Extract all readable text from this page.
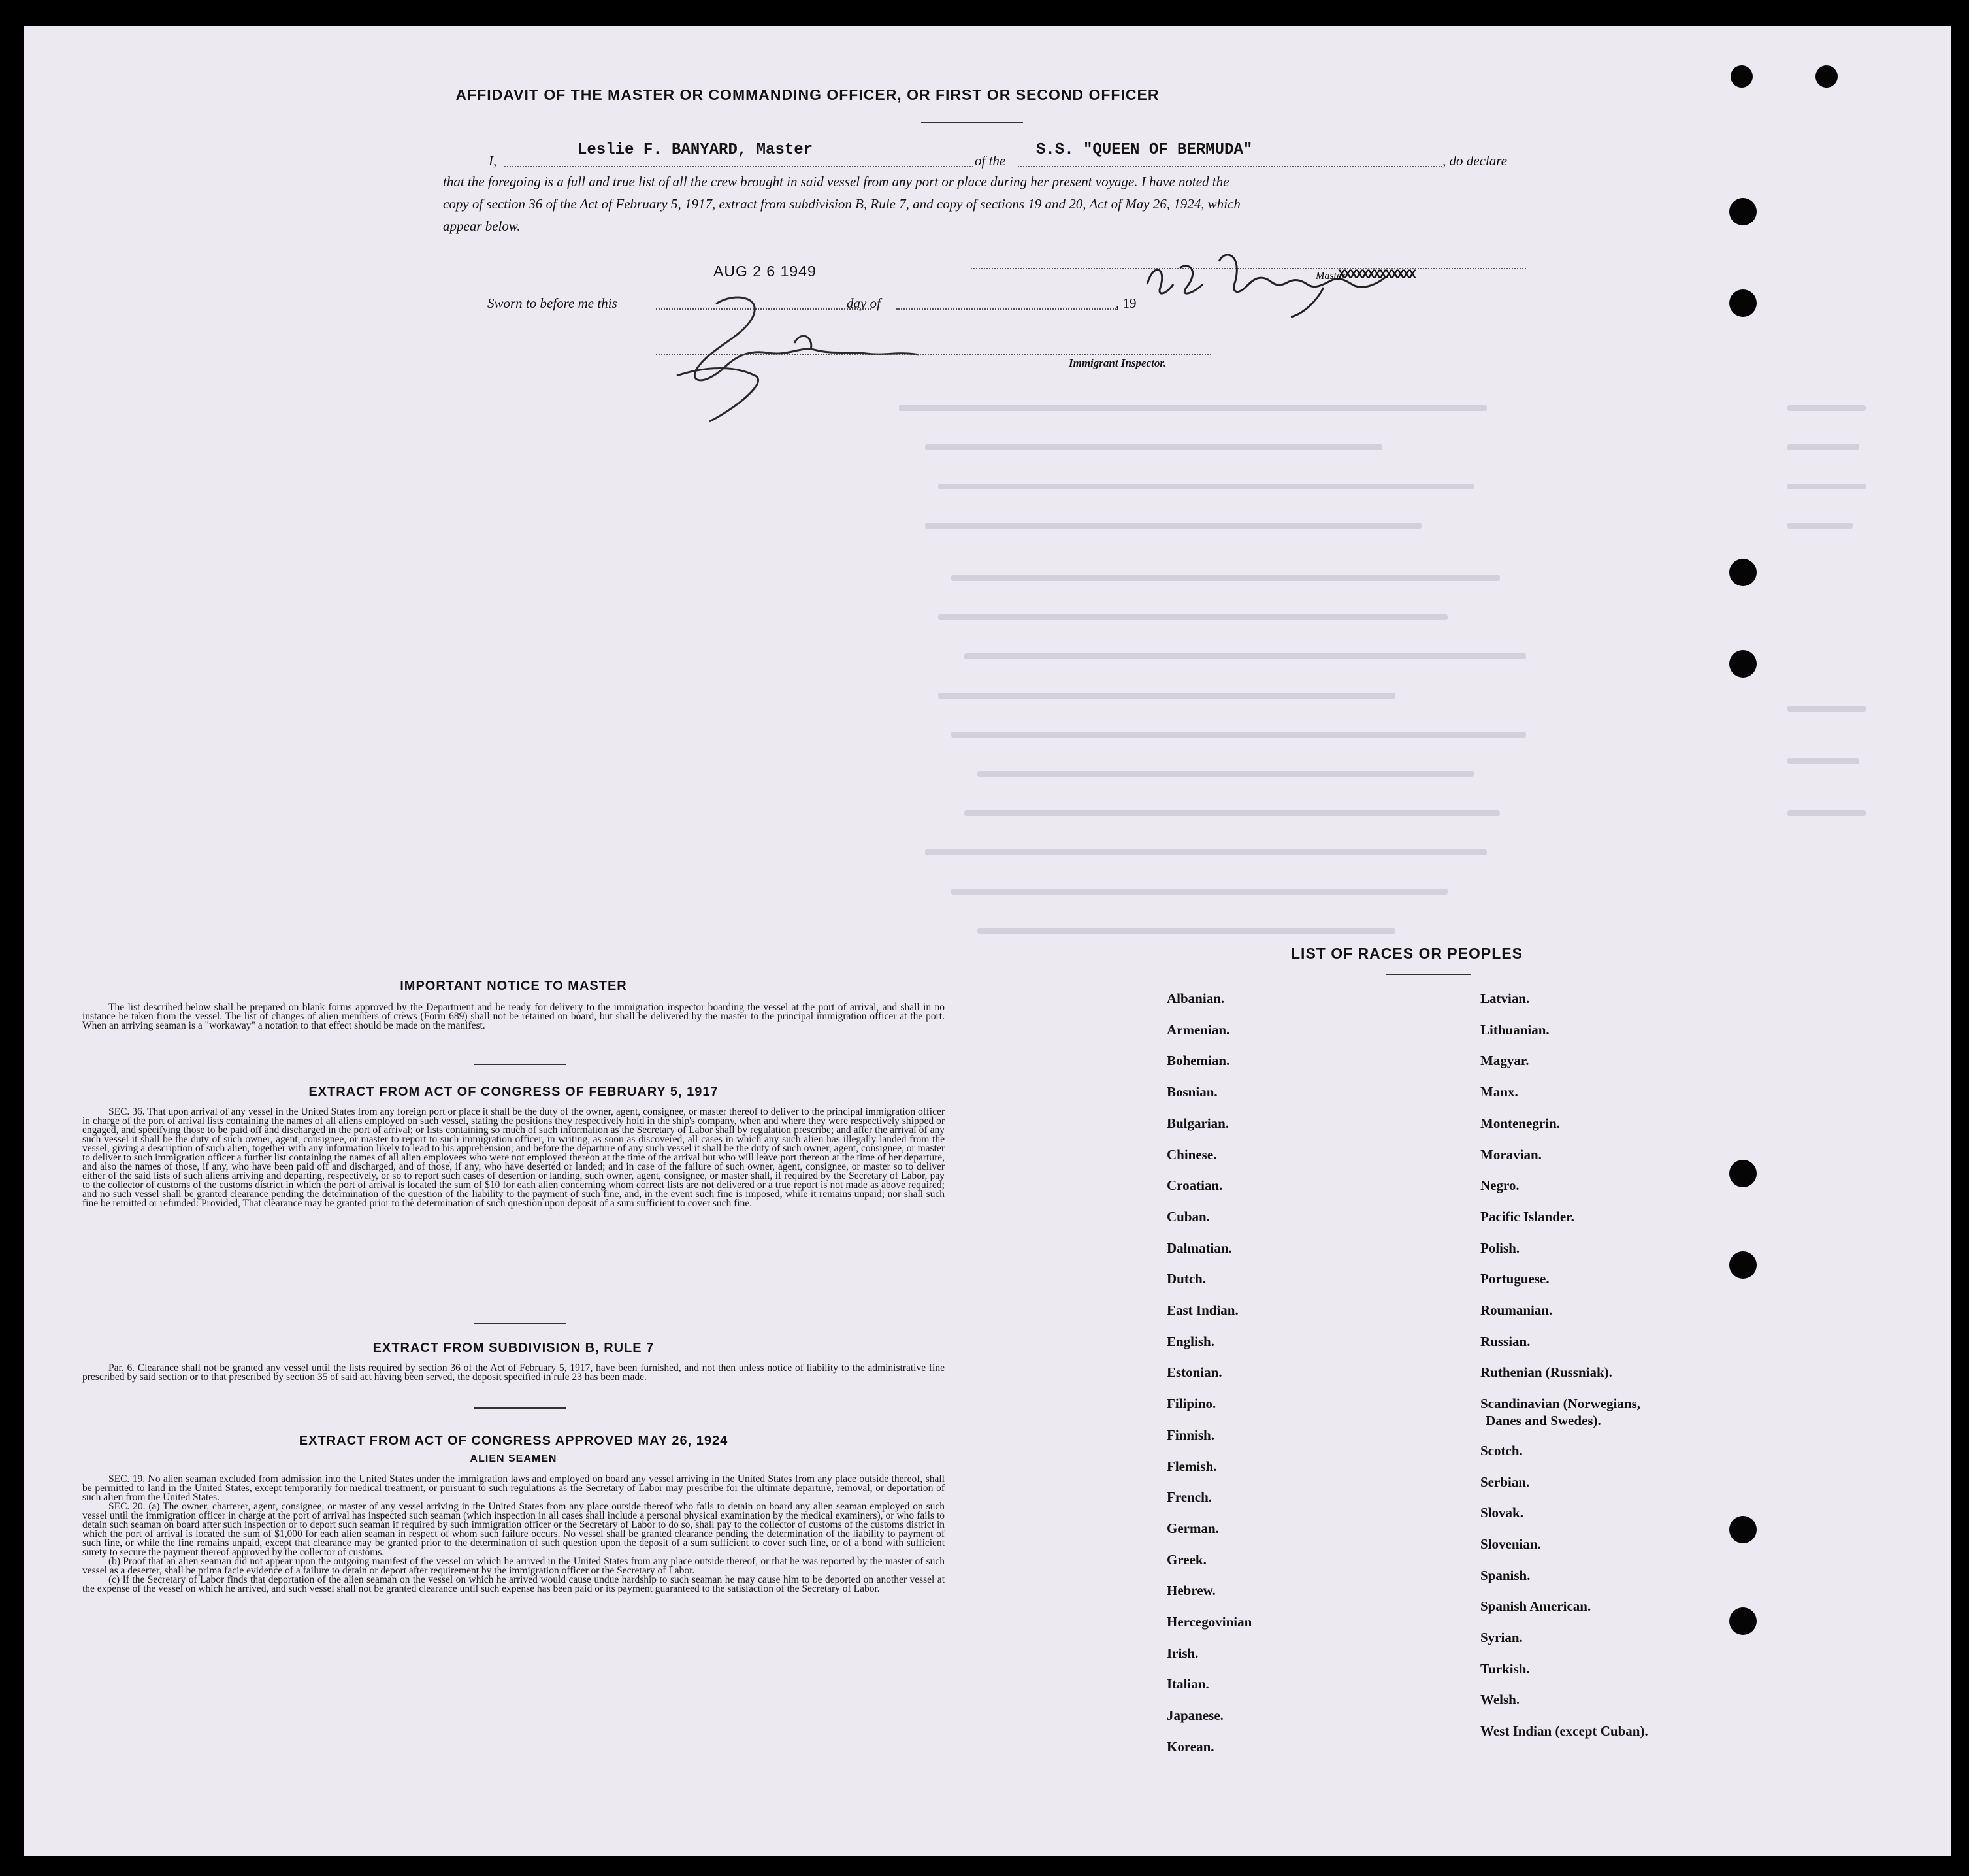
AFFIDAVIT OF THE MASTER OR COMMANDING OFFICER, OR FIRST OR SECOND OFFICER
I,
Leslie F. BANYARD, Master
of the
S.S. "QUEEN OF BERMUDA"
, do declare
that the foregoing is a full and true list of all the crew brought in said vessel from any port or place during her present voyage. I have noted the
copy of section 36 of the Act of February 5, 1917, extract from subdivision B, Rule 7, and copy of sections 19 and 20, Act of May 26, 1924, which
appear below.
AUG 2 6 1949	Master
XXXXXXXXXXXXX
Sworn to before me this	day of	, 19
Immigrant Inspector.
IMPORTANT NOTICE TO MASTER

The list described below shall be prepared on blank forms approved by the Department and be ready for delivery to the immigration inspector boarding the vessel at the port of arrival, and shall in no instance be taken from the vessel. The list of changes of alien members of crews (Form 689) shall not be retained on board, but shall be delivered by the master to the principal immigration officer at the port. When an arriving seaman is a "workaway" a notation to that effect should be made on the manifest.

EXTRACT FROM ACT OF CONGRESS OF FEBRUARY 5, 1917

SEC. 36. That upon arrival of any vessel in the United States from any foreign port or place it shall be the duty of the owner, agent, consignee, or master thereof to deliver to the principal immigration officer in charge of the port of arrival lists containing the names of all aliens employed on such vessel, stating the positions they respectively hold in the ship's company, when and where they were respectively shipped or engaged, and specifying those to be paid off and discharged in the port of arrival; or lists containing so much of such information as the Secretary of Labor shall by regulation prescribe; and after the arrival of any such vessel it shall be the duty of such owner, agent, consignee, or master to report to such immigration officer, in writing, as soon as discovered, all cases in which any such alien has illegally landed from the vessel, giving a description of such alien, together with any information likely to lead to his apprehension; and before the departure of any such vessel it shall be the duty of such owner, agent, consignee, or master to deliver to such immigration officer a further list containing the names of all alien employees who were not employed thereon at the time of the arrival but who will leave port thereon at the time of her departure, and also the names of those, if any, who have been paid off and discharged, and of those, if any, who have deserted or landed; and in case of the failure of such owner, agent, consignee, or master so to deliver either of the said lists of such aliens arriving and departing, respectively, or so to report such cases of desertion or landing, such owner, agent, consignee, or master shall, if required by the Secretary of Labor, pay to the collector of customs of the customs district in which the port of arrival is located the sum of $10 for each alien concerning whom correct lists are not delivered or a true report is not made as above required; and no such vessel shall be granted clearance pending the determination of the question of the liability to the payment of such fine, and, in the event such fine is imposed, while it remains unpaid; nor shall such fine be remitted or refunded: Provided, That clearance may be granted prior to the determination of such question upon deposit of a sum sufficient to cover such fine.

EXTRACT FROM SUBDIVISION B, RULE 7

Par. 6. Clearance shall not be granted any vessel until the lists required by section 36 of the Act of February 5, 1917, have been furnished, and not then unless notice of liability to the administrative fine prescribed by said section or to that prescribed by section 35 of said act having been served, the deposit specified in rule 23 has been made.

EXTRACT FROM ACT OF CONGRESS APPROVED MAY 26, 1924
ALIEN SEAMEN

SEC. 19. No alien seaman excluded from admission into the United States under the immigration laws and employed on board any vessel arriving in the United States from any place outside thereof, shall be permitted to land in the United States, except temporarily for medical treatment, or pursuant to such regulations as the Secretary of Labor may prescribe for the ultimate departure, removal, or deportation of such alien from the United States.

SEC. 20. (a) The owner, charterer, agent, consignee, or master of any vessel arriving in the United States from any place outside thereof who fails to detain on board any alien seaman employed on such vessel until the immigration officer in charge at the port of arrival has inspected such seaman (which inspection in all cases shall include a personal physical examination by the medical examiners), or who fails to detain such seaman on board after such inspection or to deport such seaman if required by such immigration officer or the Secretary of Labor to do so, shall pay to the collector of customs of the customs district in which the port of arrival is located the sum of $1,000 for each alien seaman in respect of whom such failure occurs. No vessel shall be granted clearance pending the determination of the liability to payment of such fine, or while the fine remains unpaid, except that clearance may be granted prior to the determination of such question upon the deposit of a sum sufficient to cover such fine, or of a bond with sufficient surety to secure the payment thereof approved by the collector of customs.

(b) Proof that an alien seaman did not appear upon the outgoing manifest of the vessel on which he arrived in the United States from any place outside thereof, or that he was reported by the master of such vessel as a deserter, shall be prima facie evidence of a failure to detain or deport after requirement by the immigration officer or the Secretary of Labor.

(c) If the Secretary of Labor finds that deportation of the alien seaman on the vessel on which he arrived would cause undue hardship to such seaman he may cause him to be deported on another vessel at the expense of the vessel on which he arrived, and such vessel shall not be granted clearance until such expense has been paid or its payment guaranteed to the satisfaction of the Secretary of Labor.

LIST OF RACES OR PEOPLES
Albanian.
Armenian.
Bohemian.
Bosnian.
Bulgarian.
Chinese.
Croatian.
Cuban.
Dalmatian.
Dutch.
East Indian.
English.
Estonian.
Filipino.
Finnish.
Flemish.
French.
German.
Greek.
Hebrew.
Hercegovinian
Irish.
Italian.
Japanese.
Korean.
Latvian.
Lithuanian.
Magyar.
Manx.
Montenegrin.
Moravian.
Negro.
Pacific Islander.
Polish.
Portuguese.
Roumanian.
Russian.
Ruthenian (Russniak).
Scandinavian (Norwegians,
Scotch.
Serbian.
Slovak.
Slovenian.
Spanish.
Spanish American.
Syrian.
Turkish.
Welsh.
West Indian (except Cuban).
Danes and Swedes).
